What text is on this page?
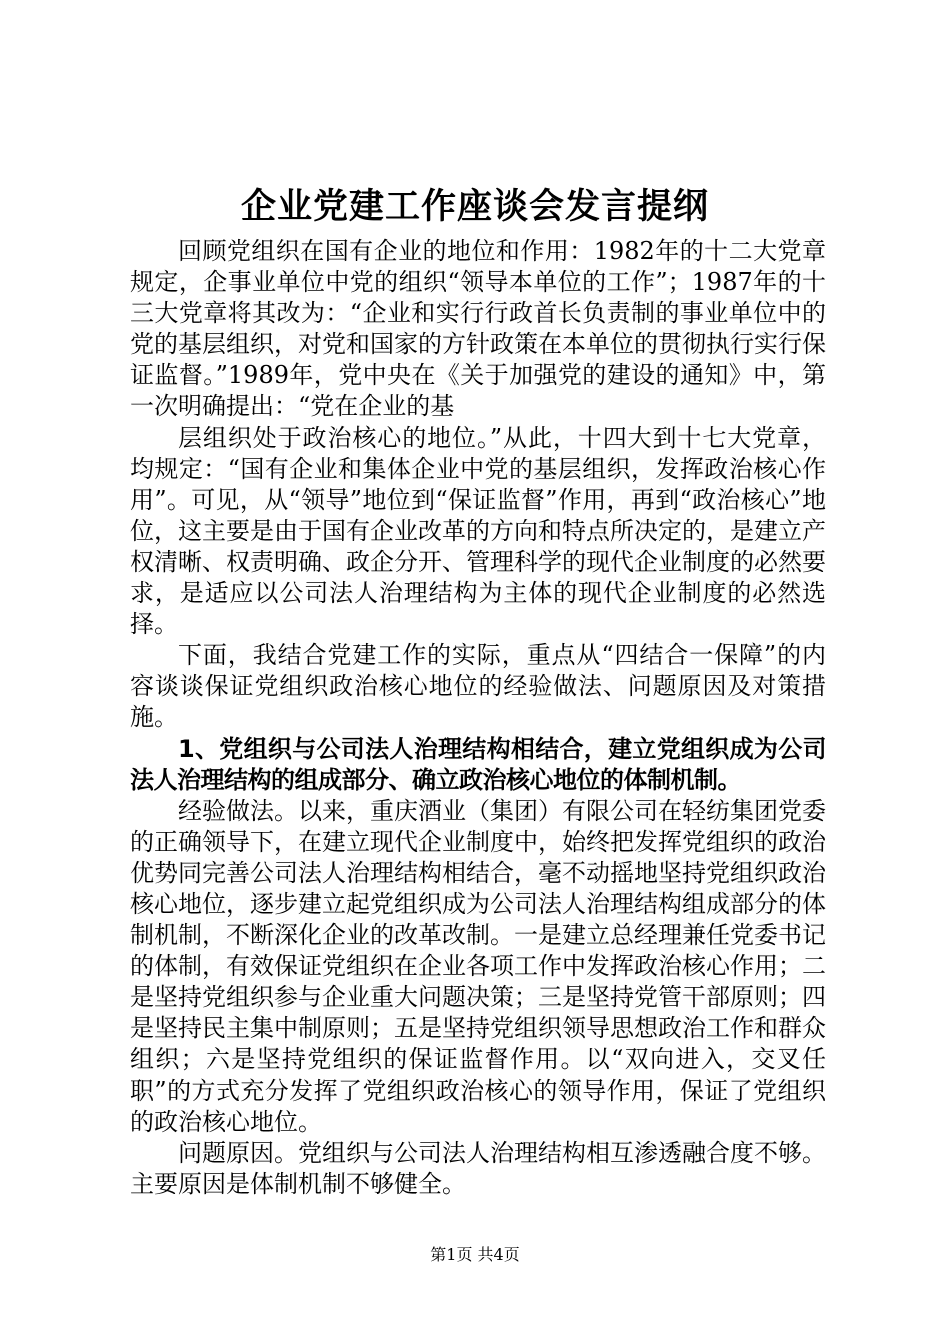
企业党建工作座谈会发言提纲

回顾党组织在国有企业的地位和作用：1982年的十二大党章规定，企事业单位中党的组织“领导本单位的工作”；1987年的十三大党章将其改为：“企业和实行行政首长负责制的事业单位中的党的基层组织，对党和国家的方针政策在本单位的贯彻执行实行保证监督。”1989年，党中央在《关于加强党的建设的通知》中，第一次明确提出：“党在企业的基

层组织处于政治核心的地位。”从此，十四大到十七大党章，均规定：“国有企业和集体企业中党的基层组织，发挥政治核心作用”。可见，从“领导”地位到“保证监督”作用，再到“政治核心”地位，这主要是由于国有企业改革的方向和特点所决定的，是建立产权清晰、权责明确、政企分开、管理科学的现代企业制度的必然要求，是适应以公司法人治理结构为主体的现代企业制度的必然选择。

下面，我结合党建工作的实际，重点从“四结合一保障”的内容谈谈保证党组织政治核心地位的经验做法、问题原因及对策措施。

1、党组织与公司法人治理结构相结合，建立党组织成为公司法人治理结构的组成部分、确立政治核心地位的体制机制。

经验做法。以来，重庆酒业（集团）有限公司在轻纺集团党委的正确领导下，在建立现代企业制度中，始终把发挥党组织的政治优势同完善公司法人治理结构相结合，毫不动摇地坚持党组织政治核心地位，逐步建立起党组织成为公司法人治理结构组成部分的体制机制，不断深化企业的改革改制。一是建立总经理兼任党委书记的体制，有效保证党组织在企业各项工作中发挥政治核心作用；二是坚持党组织参与企业重大问题决策；三是坚持党管干部原则；四是坚持民主集中制原则；五是坚持党组织领导思想政治工作和群众组织；六是坚持党组织的保证监督作用。以“双向进入，交叉任职”的方式充分发挥了党组织政治核心的领导作用，保证了党组织的政治核心地位。

问题原因。党组织与公司法人治理结构相互渗透融合度不够。主要原因是体制机制不够健全。

第1页 共4页
